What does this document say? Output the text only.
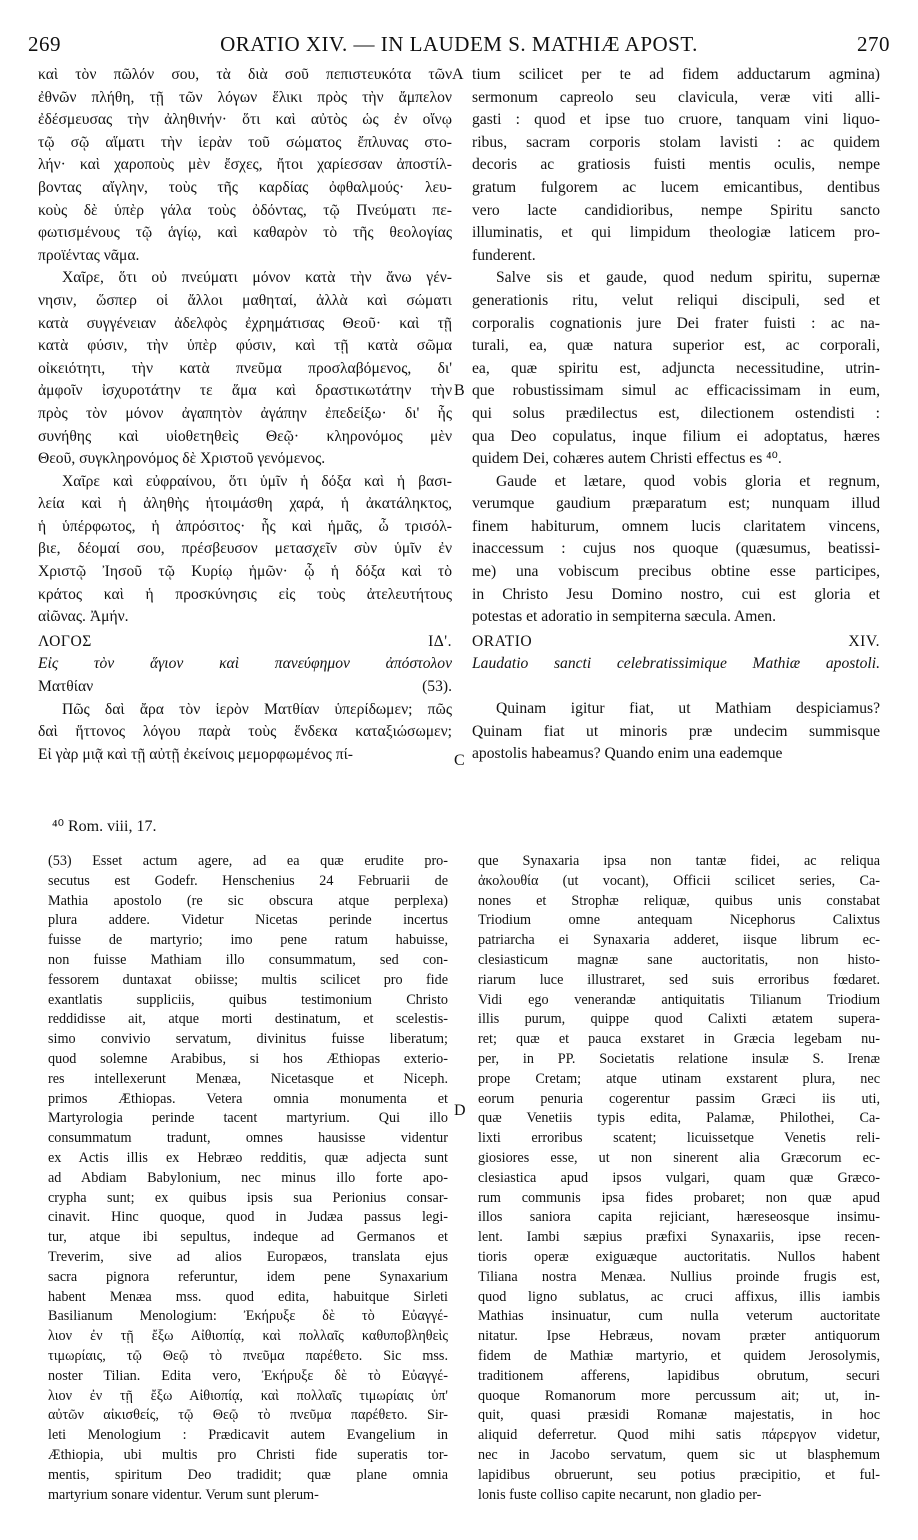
269	ORATIO XIV. — IN LAUDEM S. MATHIÆ APOST.	270
A
B
C
D
καὶ τὸν πῶλόν σου, τὰ διὰ σοῦ πεπιστευκότα τῶν
ἐθνῶν πλήθη, τῇ τῶν λόγων ἕλικι πρὸς τὴν ἄμπελον
ἐδέσμευσας τὴν ἀληθινήν· ὅτι καὶ αὐτὸς ὡς ἐν οἴνῳ
τῷ σῷ αἵματι τὴν ἱερὰν τοῦ σώματος ἔπλυνας στο-
λήν· καὶ χαροποὺς μὲν ἔσχες, ἤτοι χαρίεσσαν ἀποστίλ-
βοντας αἴγλην, τοὺς τῆς καρδίας ὀφθαλμούς· λευ-
κοὺς δὲ ὑπὲρ γάλα τοὺς ὀδόντας, τῷ Πνεύματι πε-
φωτισμένους τῷ ἁγίῳ, καὶ καθαρὸν τὸ τῆς θεολογίας
προϊέντας νᾶμα.
Χαῖρε, ὅτι οὐ πνεύματι μόνον κατὰ τὴν ἄνω γέν-
νησιν, ὥσπερ οἱ ἄλλοι μαθηταί, ἀλλὰ καὶ σώματι
κατὰ συγγένειαν ἀδελφὸς ἐχρημάτισας Θεοῦ· καὶ τῇ
κατὰ φύσιν, τὴν ὑπὲρ φύσιν, καὶ τῇ κατὰ σῶμα
οἰκειότητι, τὴν κατὰ πνεῦμα προσλαβόμενος, δι'
ἀμφοῖν ἰσχυροτάτην τε ἅμα καὶ δραστικωτάτην τὴν
πρὸς τὸν μόνον ἀγαπητὸν ἀγάπην ἐπεδείξω· δι' ἧς
συνήθης καὶ υἱοθετηθεὶς Θεῷ· κληρονόμος μὲν
Θεοῦ, συγκληρονόμος δὲ Χριστοῦ γενόμενος.
Χαῖρε καὶ εὐφραίνου, ὅτι ὑμῖν ἡ δόξα καὶ ἡ βασι-
λεία καὶ ἡ ἀληθὴς ἡτοιμάσθη χαρά, ἡ ἀκατάληκτος,
ἡ ὑπέρφωτος, ἡ ἀπρόσιτος· ἧς καὶ ἡμᾶς, ὦ τρισόλ-
βιε, δέομαί σου, πρέσβευσον μετασχεῖν σὺν ὑμῖν ἐν
Χριστῷ Ἰησοῦ τῷ Κυρίῳ ἡμῶν· ᾧ ἡ δόξα καὶ τὸ
κράτος καὶ ἡ προσκύνησις εἰς τοὺς ἀτελευτήτους
αἰῶνας. Ἀμήν.
ΛΟΓΟΣ ΙΔ'.
Εἰς τὸν ἅγιον καὶ πανεύφημον ἀπόστολον
Ματθίαν (53).
Πῶς δαὶ ἄρα τὸν ἱερὸν Ματθίαν ὑπερίδωμεν; πῶς
δαὶ ἥττονος λόγου παρὰ τοὺς ἕνδεκα καταξιώσωμεν;
Εἰ γὰρ μιᾷ καὶ τῇ αὐτῇ ἐκείνοις μεμορφωμένος πί-
tium scilicet per te ad fidem adductarum agmina)
sermonum capreolo seu clavicula, veræ viti alli-
gasti : quod et ipse tuo cruore, tanquam vini liquo-
ribus, sacram corporis stolam lavisti : ac quidem
decoris ac gratiosis fuisti mentis oculis, nempe
gratum fulgorem ac lucem emicantibus, dentibus
vero lacte candidioribus, nempe Spiritu sancto
illuminatis, et qui limpidum theologiæ laticem pro-
funderent.
Salve sis et gaude, quod nedum spiritu, supernæ
generationis ritu, velut reliqui discipuli, sed et
corporalis cognationis jure Dei frater fuisti : ac na-
turali, ea, quæ natura superior est, ac corporali,
ea, quæ spiritu est, adjuncta necessitudine, utrin-
que robustissimam simul ac efficacissimam in eum,
qui solus prædilectus est, dilectionem ostendisti :
qua Deo copulatus, inque filium ei adoptatus, hæres
quidem Dei, cohæres autem Christi effectus es ⁴⁰.
Gaude et lætare, quod vobis gloria et regnum,
verumque gaudium præparatum est; nunquam illud
finem habiturum, omnem lucis claritatem vincens,
inaccessum : cujus nos quoque (quæsumus, beatissi-
me) una vobiscum precibus obtine esse participes,
in Christo Jesu Domino nostro, cui est gloria et
potestas et adoratio in sempiterna sæcula. Amen.
ORATIO XIV.
Laudatio sancti celebratissimique Mathiæ apostoli.
Quinam igitur fiat, ut Mathiam despiciamus?
Quinam fiat ut minoris præ undecim summisque
apostolis habeamus? Quando enim una eademque
⁴⁰ Rom. viii, 17.
(53) Esset actum agere, ad ea quæ erudite pro-
secutus est Godefr. Henschenius 24 Februarii de
Mathia apostolo (re sic obscura atque perplexa)
plura addere. Videtur Nicetas perinde incertus
fuisse de martyrio; imo pene ratum habuisse,
non fuisse Mathiam illo consummatum, sed con-
fessorem duntaxat obiisse; multis scilicet pro fide
exantlatis suppliciis, quibus testimonium Christo
reddidisse ait, atque morti destinatum, et scelestis-
simo convivio servatum, divinitus fuisse liberatum;
quod solemne Arabibus, si hos Æthiopas exterio-
res intellexerunt Menæa, Nicetasque et Niceph.
primos Æthiopas. Vetera omnia monumenta et
Martyrologia perinde tacent martyrium. Qui illo
consummatum tradunt, omnes hausisse videntur
ex Actis illis ex Hebræo redditis, quæ adjecta sunt
ad Abdiam Babylonium, nec minus illo forte apo-
crypha sunt; ex quibus ipsis sua Perionius consar-
cinavit. Hinc quoque, quod in Judæa passus legi-
tur, atque ibi sepultus, indeque ad Germanos et
Treverim, sive ad alios Europæos, translata ejus
sacra pignora referuntur, idem pene Synaxarium
habent Menæa mss. quod edita, habuitque Sirleti
Basilianum Menologium: Ἐκήρυξε δὲ τὸ Εὐαγγέ-
λιον ἐν τῇ ἔξω Αἰθιοπίᾳ, καὶ πολλαῖς καθυποβληθεὶς
τιμωρίαις, τῷ Θεῷ τὸ πνεῦμα παρέθετο. Sic mss.
noster Tilian. Edita vero, Ἐκήρυξε δὲ τὸ Εὐαγγέ-
λιον ἐν τῇ ἔξω Αἰθιοπίᾳ, καὶ πολλαῖς τιμωρίαις ὑπ'
αὐτῶν αἰκισθείς, τῷ Θεῷ τὸ πνεῦμα παρέθετο. Sir-
leti Menologium : Prædicavit autem Evangelium in
Æthiopia, ubi multis pro Christi fide superatis tor-
mentis, spiritum Deo tradidit; quæ plane omnia
martyrium sonare videntur. Verum sunt plerum-
que Synaxaria ipsa non tantæ fidei, ac reliqua
ἀκολουθία (ut vocant), Officii scilicet series, Ca-
nones et Strophæ reliquæ, quibus unis constabat
Triodium omne antequam Nicephorus Calixtus
patriarcha ei Synaxaria adderet, iisque librum ec-
clesiasticum magnæ sane auctoritatis, non histo-
riarum luce illustraret, sed suis erroribus fœdaret.
Vidi ego venerandæ antiquitatis Tilianum Triodium
illis purum, quippe quod Calixti ætatem supera-
ret; quæ et pauca exstaret in Græcia legebam nu-
per, in PP. Societatis relatione insulæ S. Irenæ
prope Cretam; atque utinam exstarent plura, nec
eorum penuria cogerentur passim Græci iis uti,
quæ Venetiis typis edita, Palamæ, Philothei, Ca-
lixti erroribus scatent; licuissetque Venetis reli-
giosiores esse, ut non sinerent alia Græcorum ec-
clesiastica apud ipsos vulgari, quam quæ Græco-
rum communis ipsa fides probaret; non quæ apud
illos saniora capita rejiciant, hæreseosque insimu-
lent. Iambi sæpius præfixi Synaxariis, ipse recen-
tioris operæ exiguæque auctoritatis. Nullos habent
Tiliana nostra Menæa. Nullius proinde frugis est,
quod ligno sublatus, ac cruci affixus, illis iambis
Mathias insinuatur, cum nulla veterum auctoritate
nitatur. Ipse Hebræus, novam præter antiquorum
fidem de Mathiæ martyrio, et quidem Jerosolymis,
traditionem afferens, lapidibus obrutum, securi
quoque Romanorum more percussum ait; ut, in-
quit, quasi præsidi Romanæ majestatis, in hoc
aliquid deferretur. Quod mihi satis πάρεργον videtur,
nec in Jacobo servatum, quem sic ut blasphemum
lapidibus obruerunt, seu potius præcipitio, et ful-
lonis fuste colliso capite necarunt, non gladio per-
